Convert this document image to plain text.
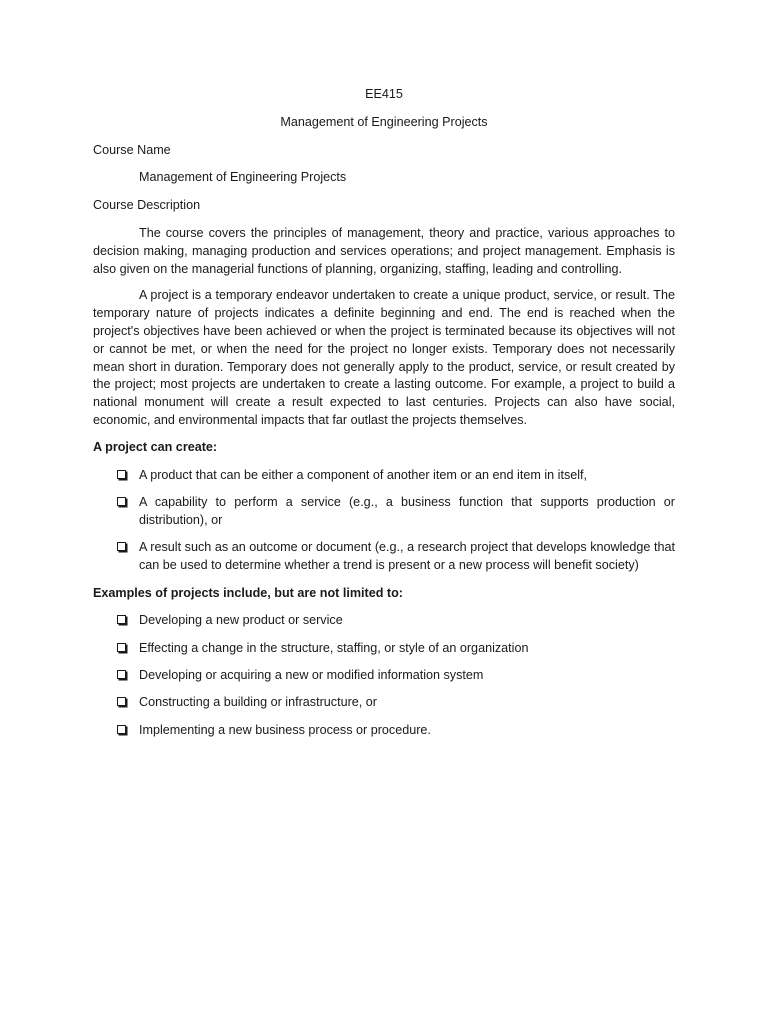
EE415

Management of Engineering Projects

Course Name

Management of Engineering Projects

Course Description

The course covers the principles of management, theory and practice, various approaches to decision making, managing production and services operations; and project management. Emphasis is also given on the managerial functions of planning, organizing, staffing, leading and controlling.

A project is a temporary endeavor undertaken to create a unique product, service, or result. The temporary nature of projects indicates a definite beginning and end. The end is reached when the project's objectives have been achieved or when the project is terminated because its objectives will not or cannot be met, or when the need for the project no longer exists. Temporary does not necessarily mean short in duration. Temporary does not generally apply to the product, service, or result created by the project; most projects are undertaken to create a lasting outcome. For example, a project to build a national monument will create a result expected to last centuries. Projects can also have social, economic, and environmental impacts that far outlast the projects themselves.

A project can create:

A product that can be either a component of another item or an end item in itself,
A capability to perform a service (e.g., a business function that supports production or distribution), or
A result such as an outcome or document (e.g., a research project that develops knowledge that can be used to determine whether a trend is present or a new process will benefit society)

Examples of projects include, but are not limited to:

Developing a new product or service
Effecting a change in the structure, staffing, or style of an organization
Developing or acquiring a new or modified information system
Constructing a building or infrastructure, or
Implementing a new business process or procedure.
